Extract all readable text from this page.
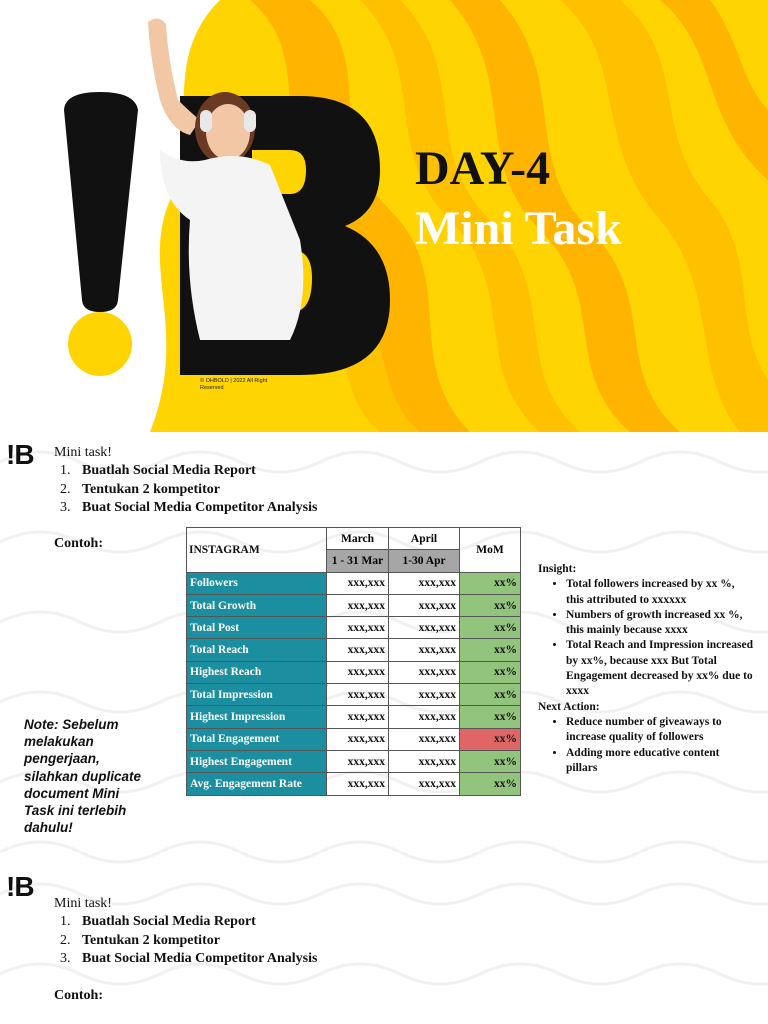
DAY-4
Mini Task
© OHBOLD | 2022 All Right Reserved
!B Mini task!
1. Buatlah Social Media Report
2. Tentukan 2 kompetitor
3. Buat Social Media Competitor Analysis
Contoh:
Note: Sebelum melakukan pengerjaan, silahkan duplicate document Mini Task ini terlebih dahulu!
INSTAGRAM	March	April	MoM
	1 - 31 Mar	1-30 Apr	
Followers	xxx,xxx	xxx,xxx	xx%
Total Growth	xxx,xxx	xxx,xxx	xx%
Total Post	xxx,xxx	xxx,xxx	xx%
Total Reach	xxx,xxx	xxx,xxx	xx%
Highest Reach	xxx,xxx	xxx,xxx	xx%
Total Impression	xxx,xxx	xxx,xxx	xx%
Highest Impression	xxx,xxx	xxx,xxx	xx%
Total Engagement	xxx,xxx	xxx,xxx	xx%
Highest Engagement	xxx,xxx	xxx,xxx	xx%
Avg. Engagement Rate	xxx,xxx	xxx,xxx	xx%
Insight:
• Total followers increased by xx %, this attributed to xxxxxx
• Numbers of growth increased xx %, this mainly because xxxx
• Total Reach and Impression increased by xx%, because xxx But Total Engagement decreased by xx% due to xxxx
Next Action:
• Reduce number of giveaways to increase quality of followers
• Adding more educative content pillars
!B
Mini task!
1. Buatlah Social Media Report
2. Tentukan 2 kompetitor
3. Buat Social Media Competitor Analysis
Contoh:
